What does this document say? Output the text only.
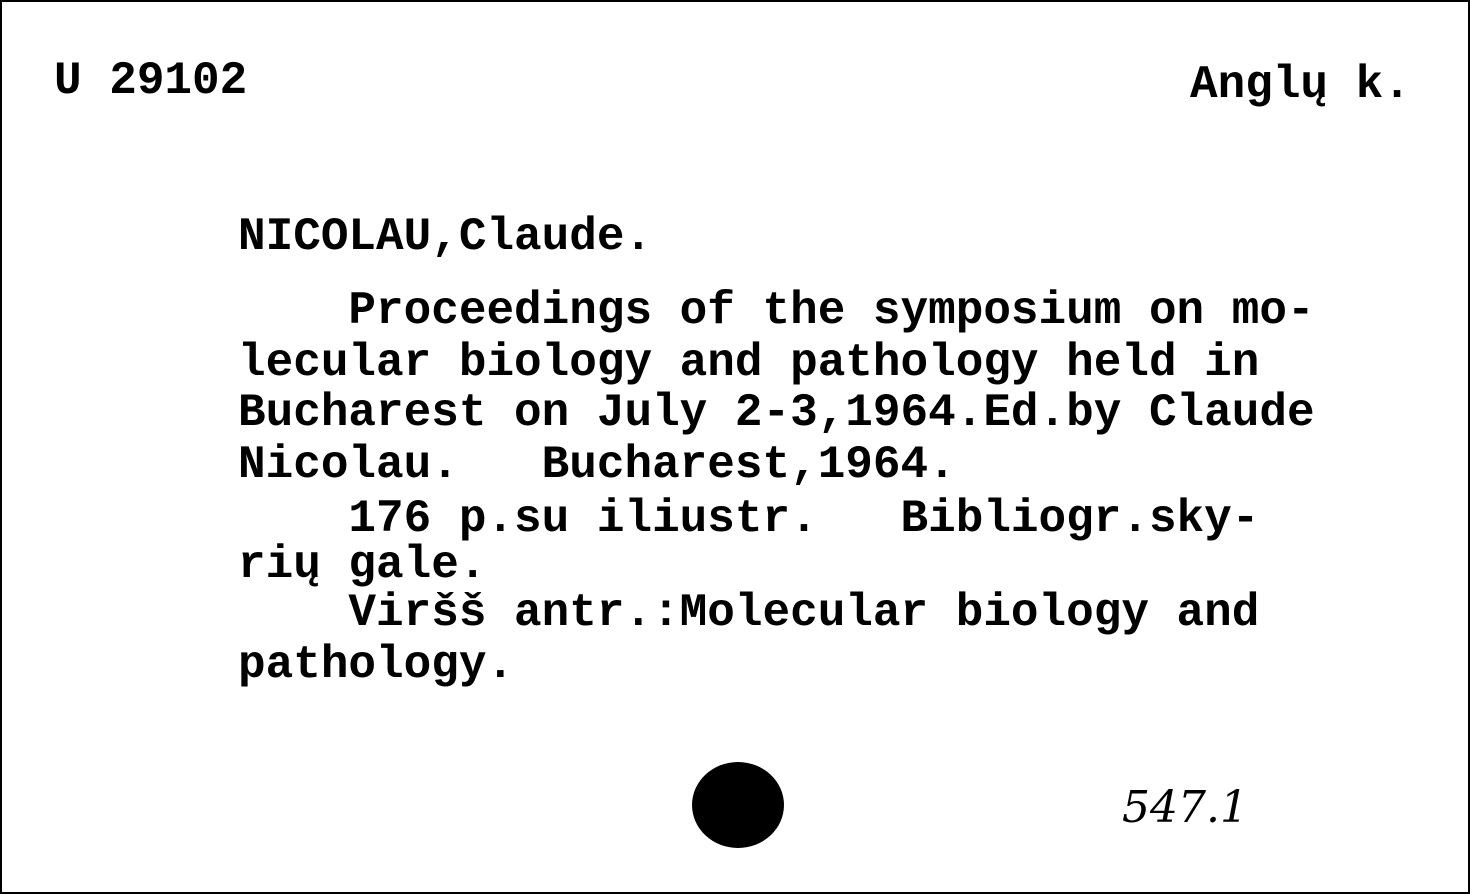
U 29102	Anglų k.
NICOLAU,Claude.
Proceedings of the symposium on mo-
lecular biology and pathology held in
Bucharest on July 2-3,1964.Ed.by Claude
Nicolau.   Bucharest,1964.
176 p.su iliustr.   Bibliogr.sky-
rių gale.
Viršš antr.:Molecular biology and
pathology.
547.1
